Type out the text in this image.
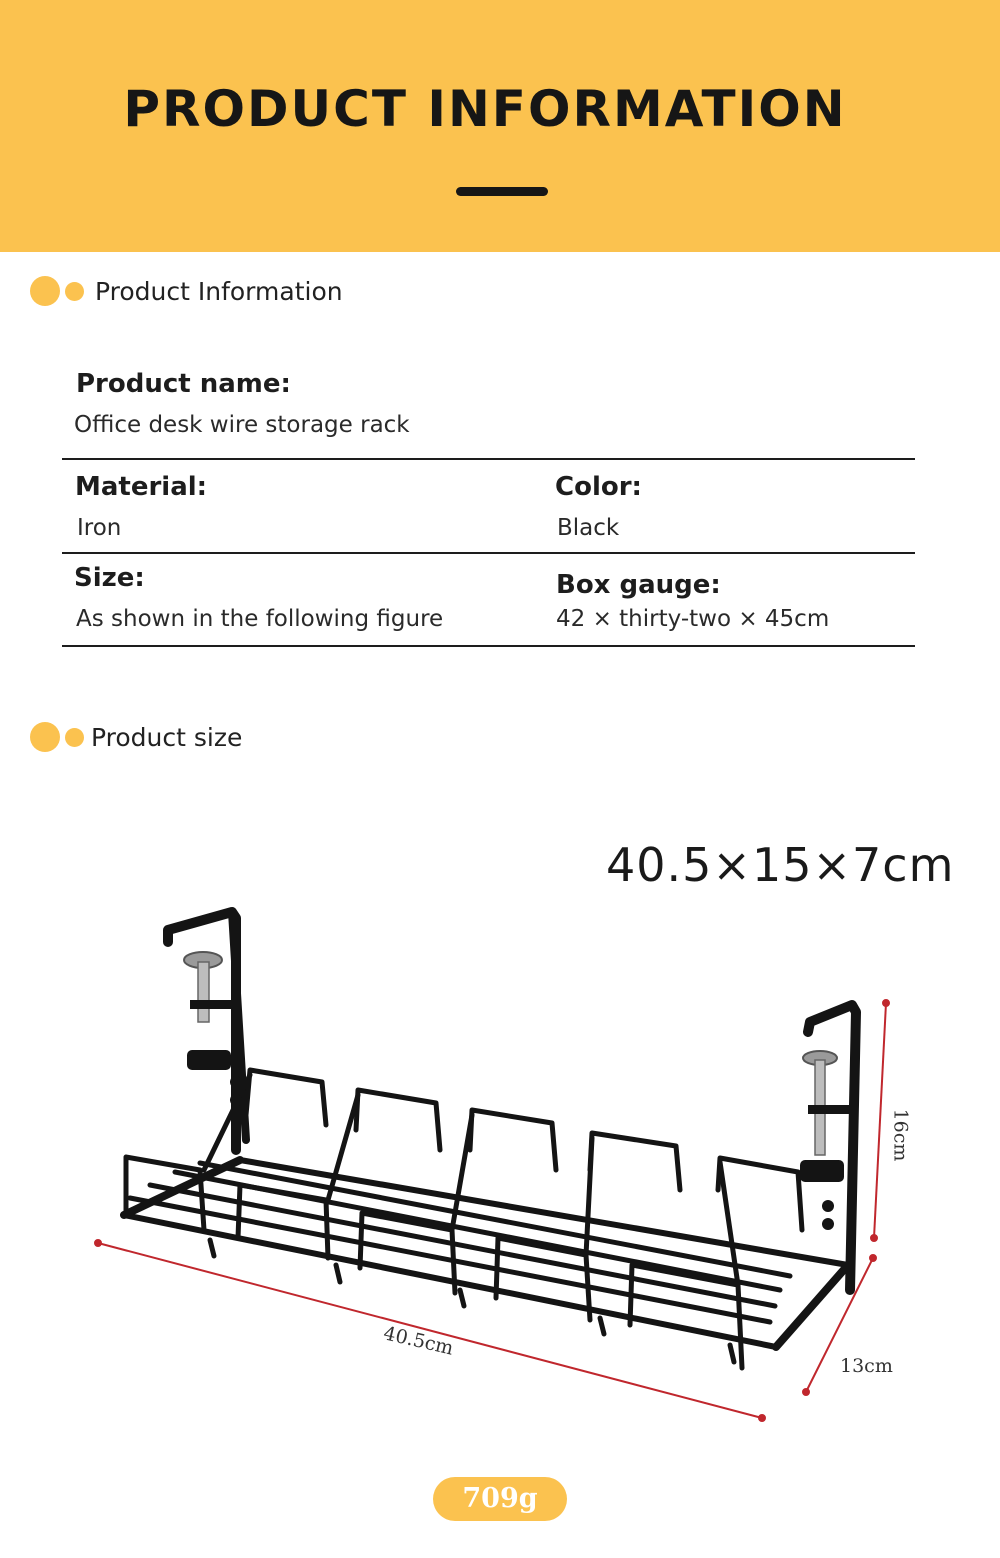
PRODUCT INFORMATION
Product Information
Product name:
Office desk wire storage rack
Material:
Iron
Color:
Black
Size:
As shown in the following figure
Box gauge:
42 × thirty-two × 45cm
Product size
40.5×15×7cm
40.5cm
16cm
13cm
709g
